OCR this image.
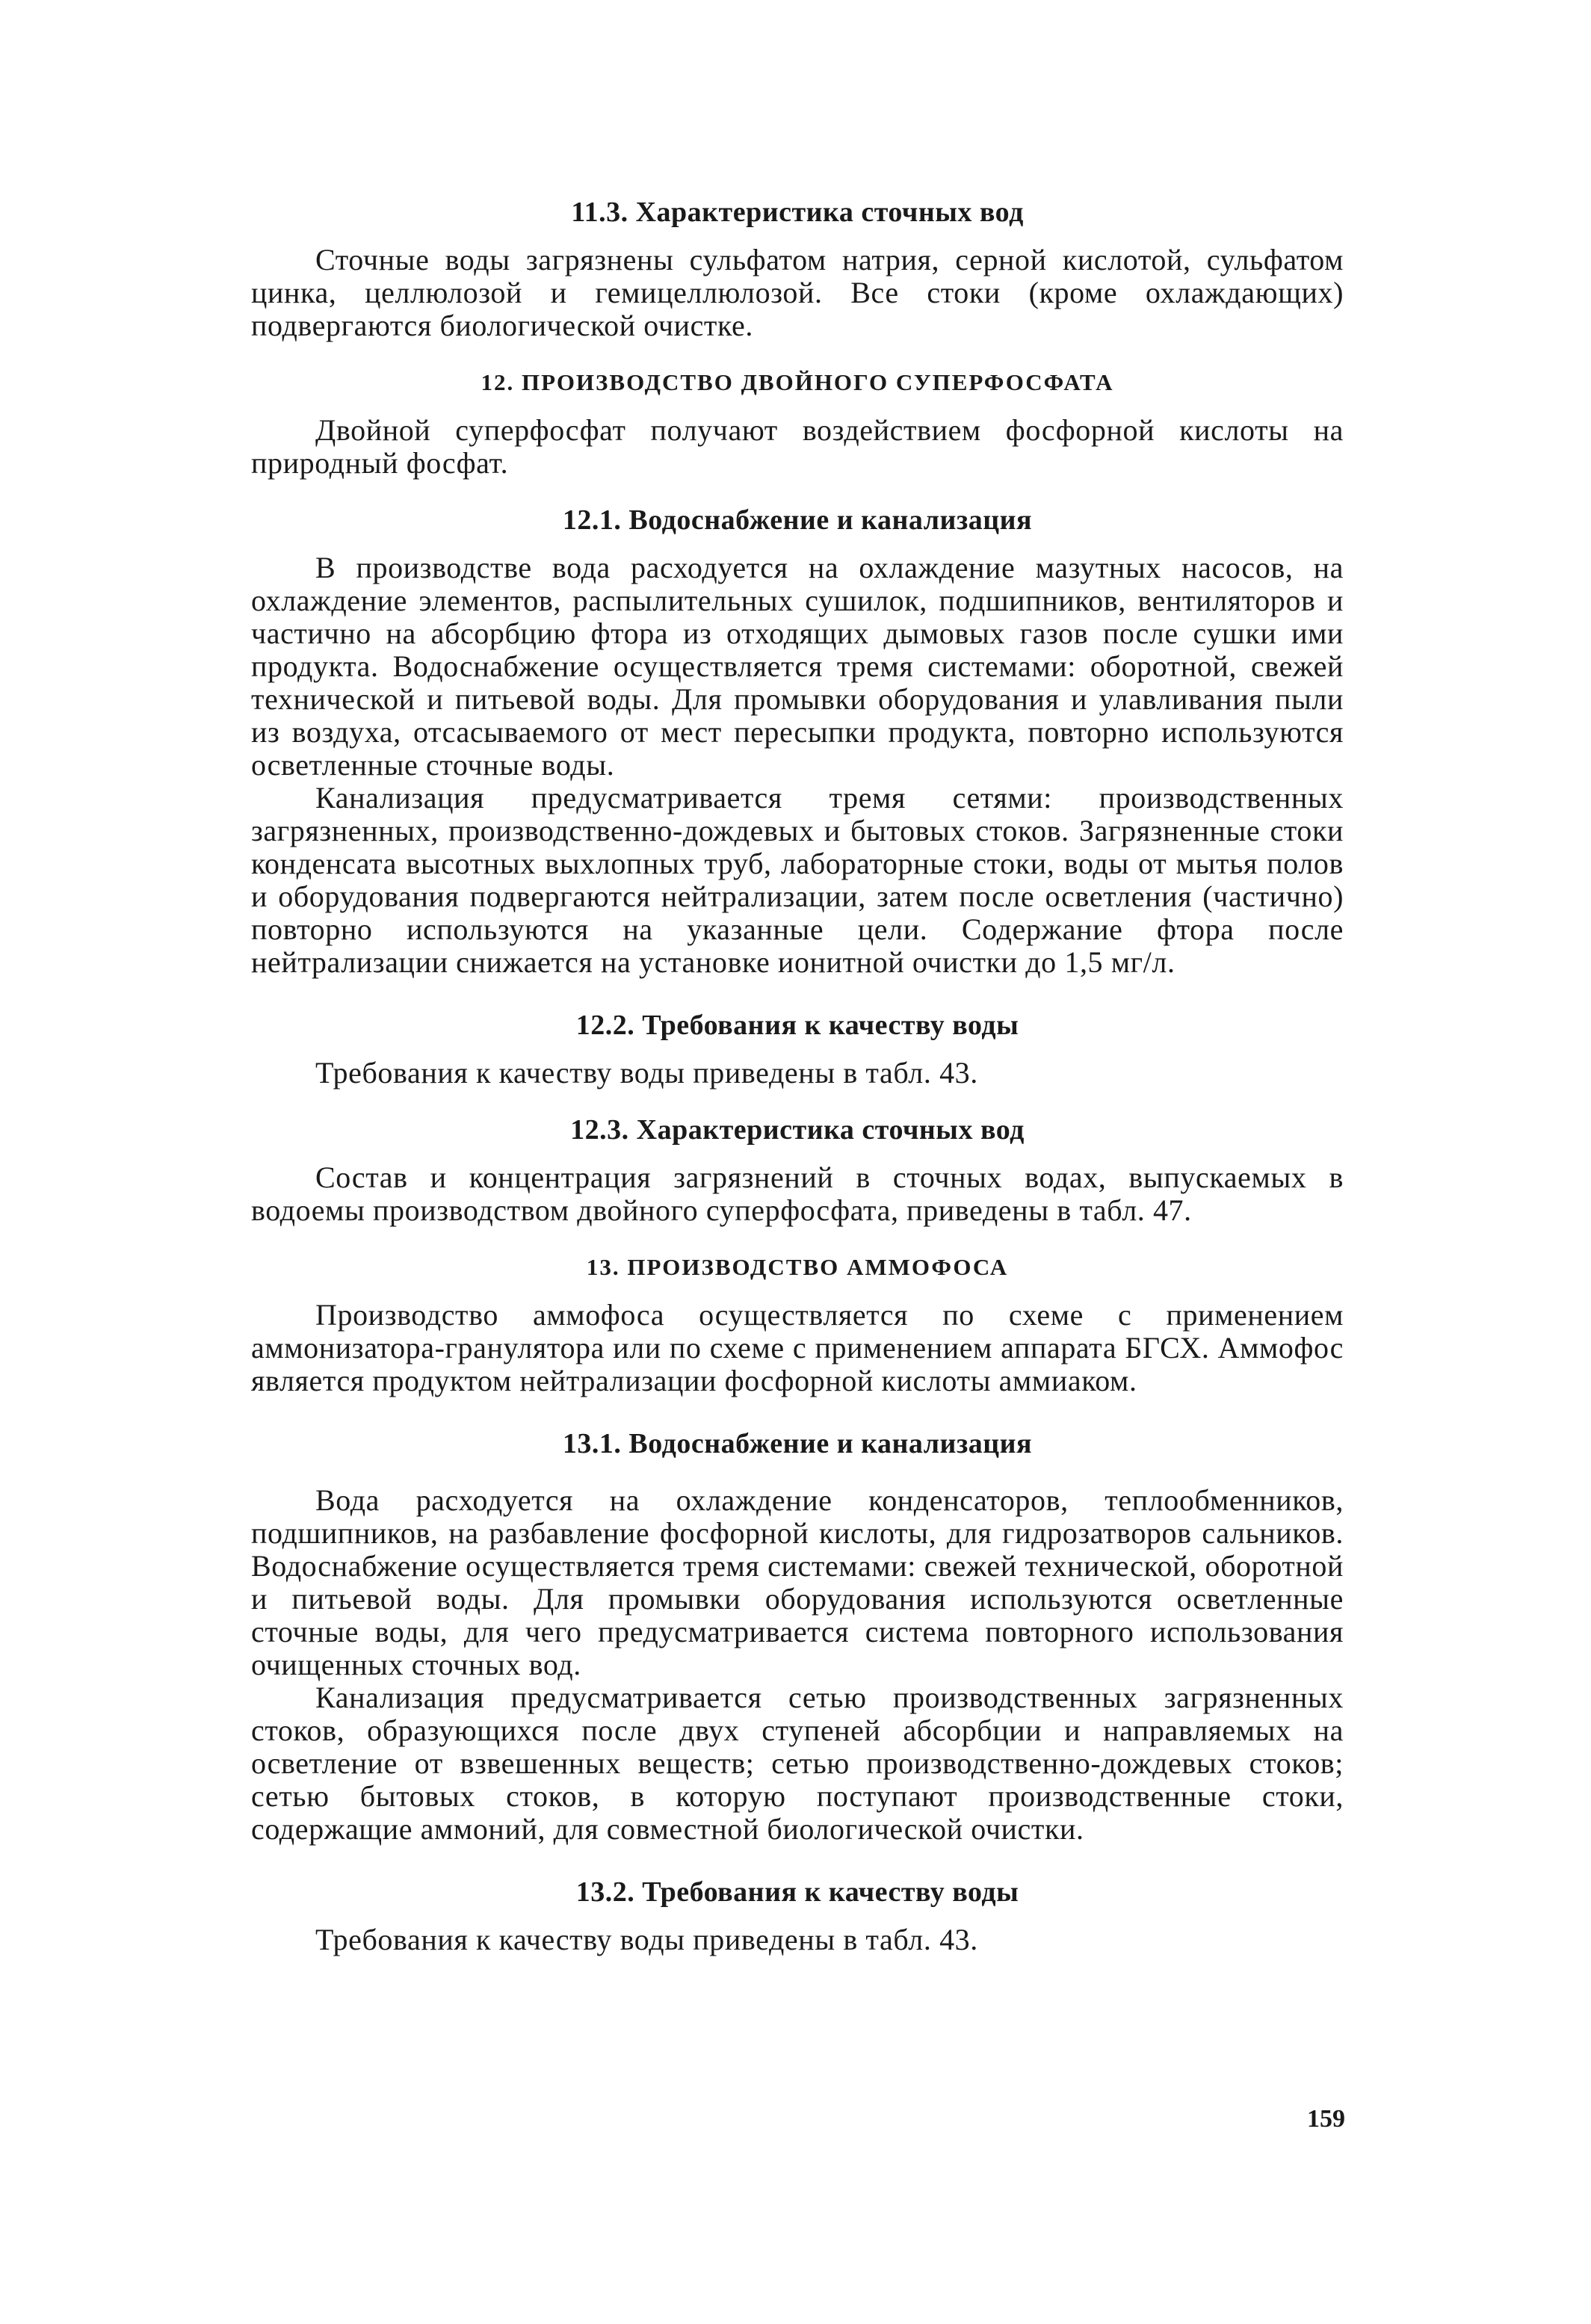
11.3. Характеристика сточных вод

Сточные воды загрязнены сульфатом натрия, серной кислотой, сульфатом цинка, целлюлозой и гемицеллюлозой. Все стоки (кроме охлаждающих) подвергаются биологической очистке.

12. ПРОИЗВОДСТВО ДВОЙНОГО СУПЕРФОСФАТА

Двойной суперфосфат получают воздействием фосфорной кислоты на природный фосфат.

12.1. Водоснабжение и канализация

В производстве вода расходуется на охлаждение мазутных насосов, на охлаждение элементов, распылительных сушилок, подшипников, вентиляторов и частично на абсорбцию фтора из отходящих дымовых газов после сушки ими продукта. Водоснабжение осуществляется тремя системами: оборотной, свежей технической и питьевой воды. Для промывки оборудования и улавливания пыли из воздуха, отсасываемого от мест пересыпки продукта, повторно используются осветленные сточные воды.

Канализация предусматривается тремя сетями: производственных загрязненных, производственно-дождевых и бытовых стоков. Загрязненные стоки конденсата высотных выхлопных труб, лабораторные стоки, воды от мытья полов и оборудования подвергаются нейтрализации, затем после осветления (частично) повторно используются на указанные цели. Содержание фтора после нейтрализации снижается на установке ионитной очистки до 1,5 мг/л.

12.2. Требования к качеству воды

Требования к качеству воды приведены в табл. 43.

12.3. Характеристика сточных вод

Состав и концентрация загрязнений в сточных водах, выпускаемых в водоемы производством двойного суперфосфата, приведены в табл. 47.

13. ПРОИЗВОДСТВО АММОФОСА

Производство аммофоса осуществляется по схеме с применением аммонизатора-гранулятора или по схеме с применением аппарата БГСХ. Аммофос является продуктом нейтрализации фосфорной кислоты аммиаком.

13.1. Водоснабжение и канализация

Вода расходуется на охлаждение конденсаторов, теплообменников, подшипников, на разбавление фосфорной кислоты, для гидрозатворов сальников. Водоснабжение осуществляется тремя системами: свежей технической, оборотной и питьевой воды. Для промывки оборудования используются осветленные сточные воды, для чего предусматривается система повторного использования очищенных сточных вод.

Канализация предусматривается сетью производственных загрязненных стоков, образующихся после двух ступеней абсорбции и направляемых на осветление от взвешенных веществ; сетью производственно-дождевых стоков; сетью бытовых стоков, в которую поступают производственные стоки, содержащие аммоний, для совместной биологической очистки.

13.2. Требования к качеству воды

Требования к качеству воды приведены в табл. 43.

159
